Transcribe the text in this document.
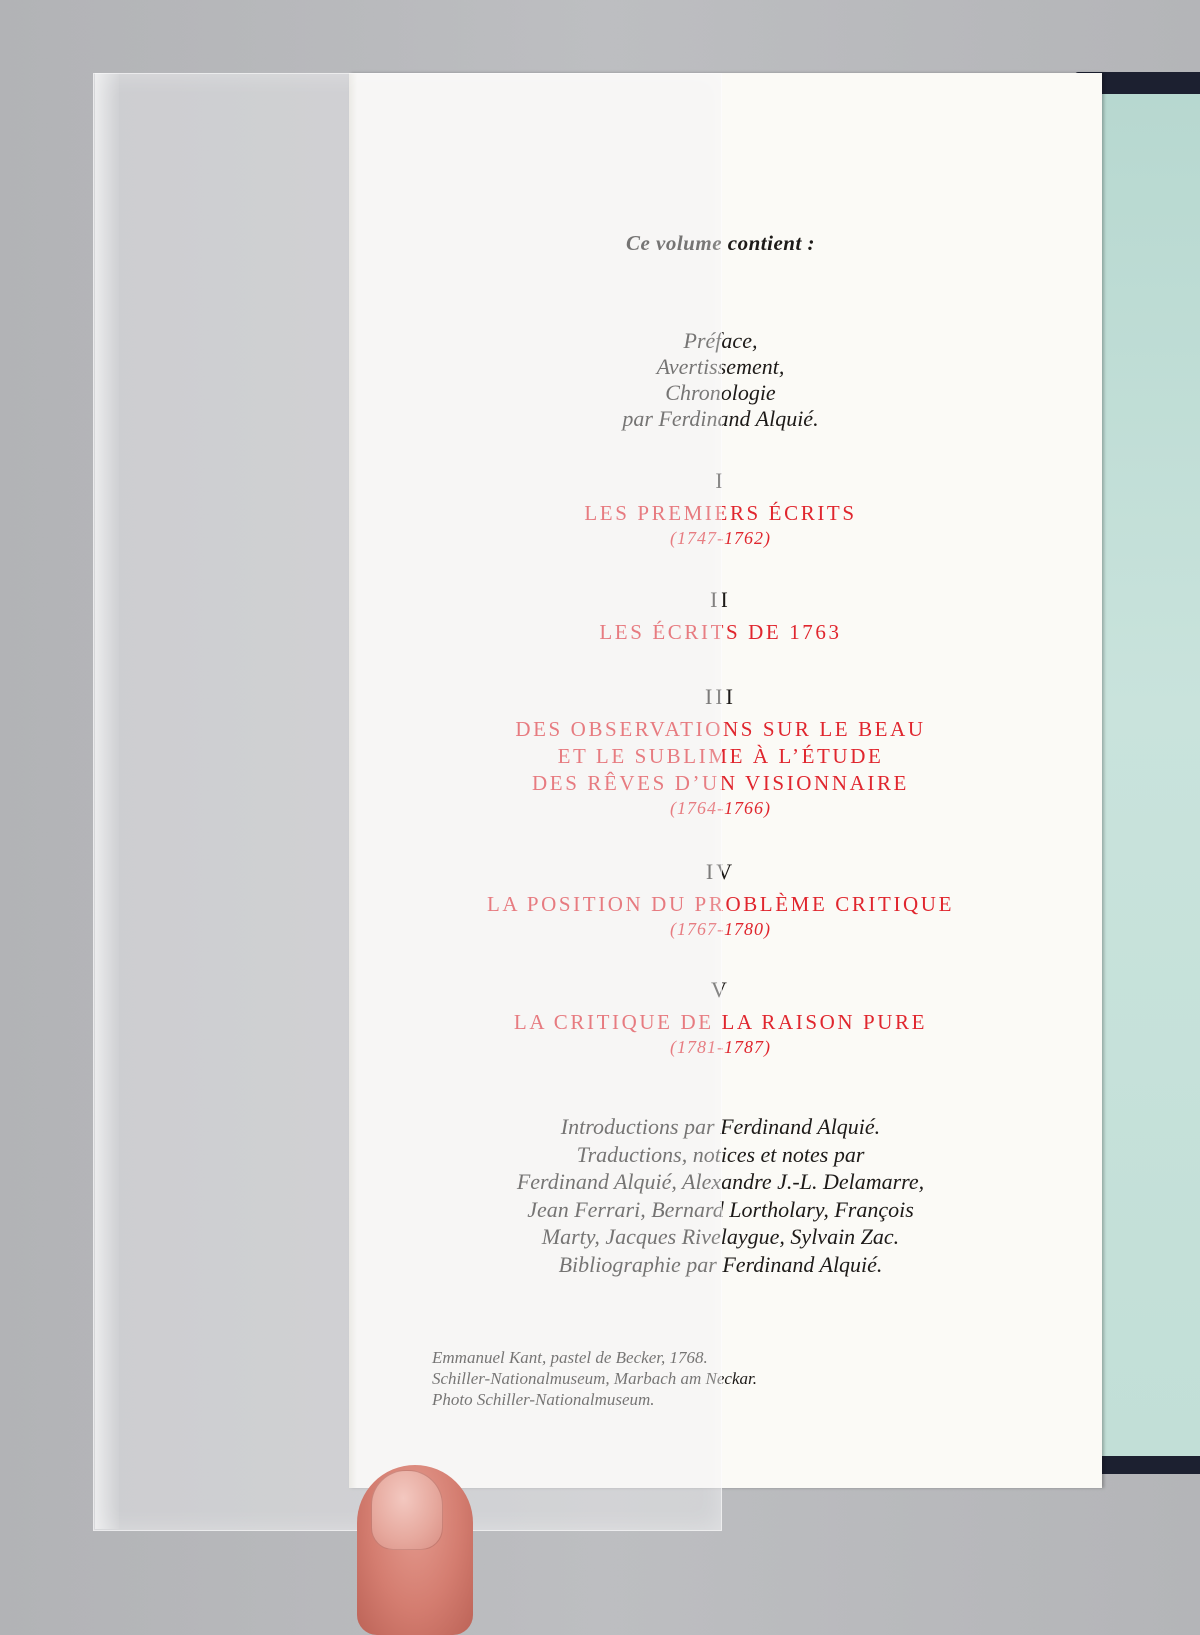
Ce volume contient :
Préface,
Avertissement,
Chronologie
par Ferdinand Alquié.
I
LES PREMIERS ÉCRITS
(1747-1762)
II
LES ÉCRITS DE 1763
III
DES OBSERVATIONS SUR LE BEAU
ET LE SUBLIME À L’ÉTUDE
DES RÊVES D’UN VISIONNAIRE
(1764-1766)
IV
LA POSITION DU PROBLÈME CRITIQUE
(1767-1780)
V
LA CRITIQUE DE LA RAISON PURE
(1781-1787)
Introductions par Ferdinand Alquié.
Traductions, notices et notes par
Ferdinand Alquié, Alexandre J.-L. Delamarre,
Jean Ferrari, Bernard Lortholary, François
Marty, Jacques Rivelaygue, Sylvain Zac.
Bibliographie par Ferdinand Alquié.
Emmanuel Kant, pastel de Becker, 1768.
Schiller-Nationalmuseum, Marbach am Neckar.
Photo Schiller-Nationalmuseum.
